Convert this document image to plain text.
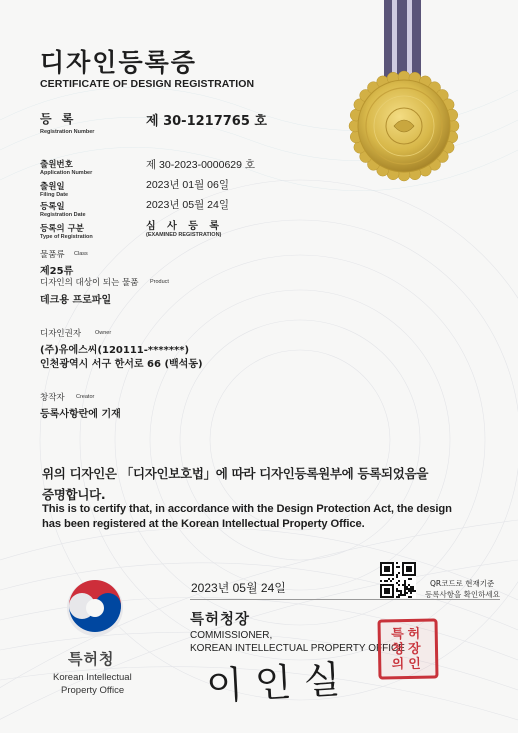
디자인등록증
CERTIFICATE OF DESIGN REGISTRATION
등 록
Registration Number
제 30-1217765 호
출원번호
Application Number
제 30-2023-0000629 호
출원일
Filing Date
2023년 01월 06일
등록일
Registration Date
2023년 05월 24일
등록의 구분
Type of Registration
심 사 등 록
(EXAMINED REGISTRATION)
물품류 Class
제25류
디자인의 대상이 되는 물품 Product
데크용 프로파일
디자인권자	Owner
(주)유에스씨(120111-*******)
인천광역시 서구 한서로 66 (백석동)
창작자 Creator
등록사항란에 기재
위의 디자인은 「디자인보호법」에 따라 디자인등록원부에 등록되었음을
증명합니다.
This is to certify that, in accordance with the Design Protection Act, the design
has been registered at the Korean Intellectual Property Office.
특허청
Korean Intellectual
Property Office
2023년 05월 24일	QR코드로 현재기준
등록사항을 확인하세요
특허청장
COMMISSIONER,
KOREAN INTELLECTUAL PROPERTY OFFICE
이 인 실
특허
청장
의인
